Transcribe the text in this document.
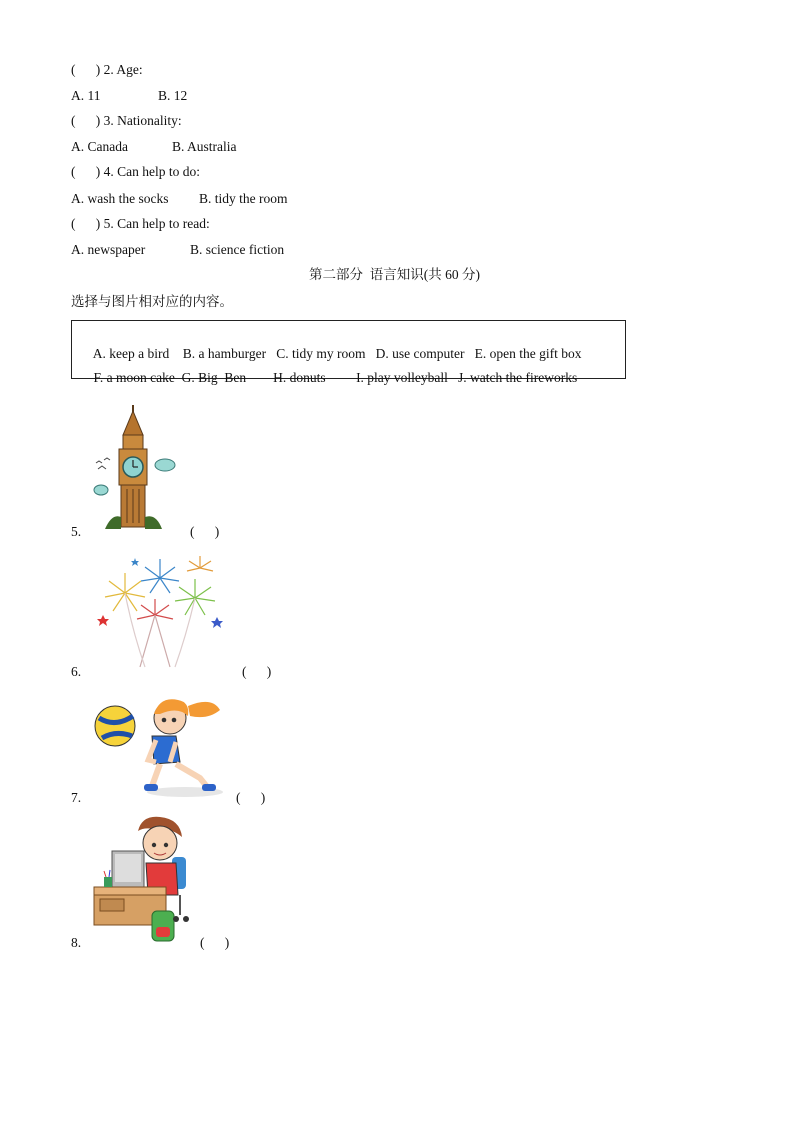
(      ) 2. Age:
A. 11	B. 12
(      ) 3. Nationality:
A. Canada	B. Australia
(      ) 4. Can help to do:
A. wash the socks B. tidy the room
(      ) 5. Can help to read:
A. newspaper	B. science fiction
第二部分  语言知识(共 60 分)
选择与图片相对应的内容。

A. keep a bird B. a hamburger C. tidy my room D. use computer E. open the gift box

F. a moon cake G. Big  Ben H. donuts I. play volleyball J. watch the fireworks

5.	(      )
6.	(      )
7.	(      )
8.	(      )
